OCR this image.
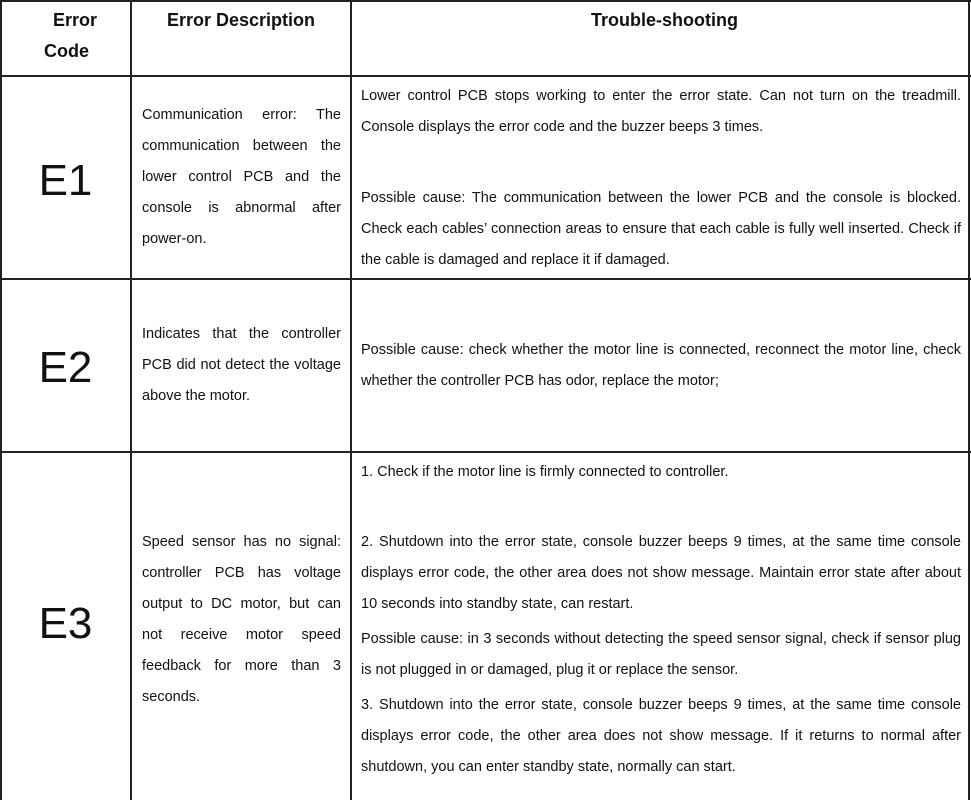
Error
Code
Error Description	Trouble-shooting
E1
Communication error: The communication between the lower control PCB and the console is abnormal after power-on.

Lower control PCB stops working to enter the error state. Can not turn on the treadmill. Console displays the error code and the buzzer beeps 3 times.

Possible cause: The communication between the lower PCB and the console is blocked. Check each cables’ connection areas to ensure that each cable is fully well inserted. Check if the cable is damaged and replace it if damaged.

E2
Indicates that the controller PCB did not detect the voltage above the motor.

Possible cause: check whether the motor line is connected, reconnect the motor line, check whether the controller PCB has odor, replace the motor;

E3
Speed sensor has no signal: controller PCB has voltage output to DC motor, but can not receive motor speed feedback for more than 3 seconds.

1. Check if the motor line is firmly connected to controller.

2. Shutdown into the error state, console buzzer beeps 9 times, at the same time console displays error code, the other area does not show message. Maintain error state after about 10 seconds into standby state, can restart.

Possible cause: in 3 seconds without detecting the speed sensor signal, check if sensor plug is not plugged in or damaged, plug it or replace the sensor.

3. Shutdown into the error state, console buzzer beeps 9 times, at the same time console displays error code, the other area does not show message. If it returns to normal after shutdown, you can enter standby state, normally can start.
